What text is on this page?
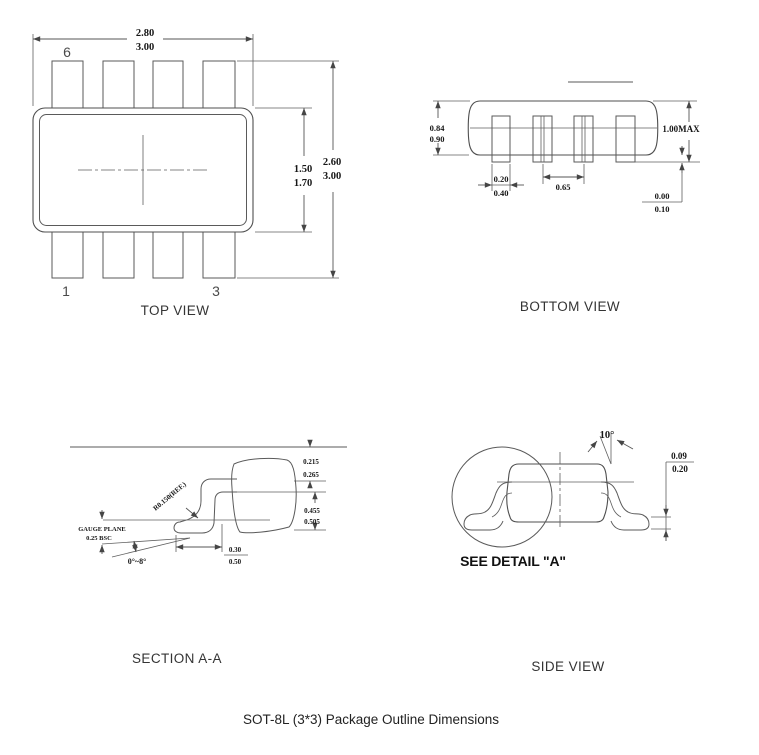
2.80
3.00
6
1	3
1.50
1.70
2.60
3.00
TOP VIEW
0.84
0.90
1.00MAX
0.00
0.10
0.20
0.40
0.65
BOTTOM VIEW
0°~8°
R0.150(REF.)
GAUGE PLANE
0.25 BSC
0.215
0.265
0.455
0.505
0.30
0.50
SECTION A-A
10°
0.09
0.20
SEE DETAIL "A"
SIDE VIEW
SOT-8L (3*3) Package Outline Dimensions
